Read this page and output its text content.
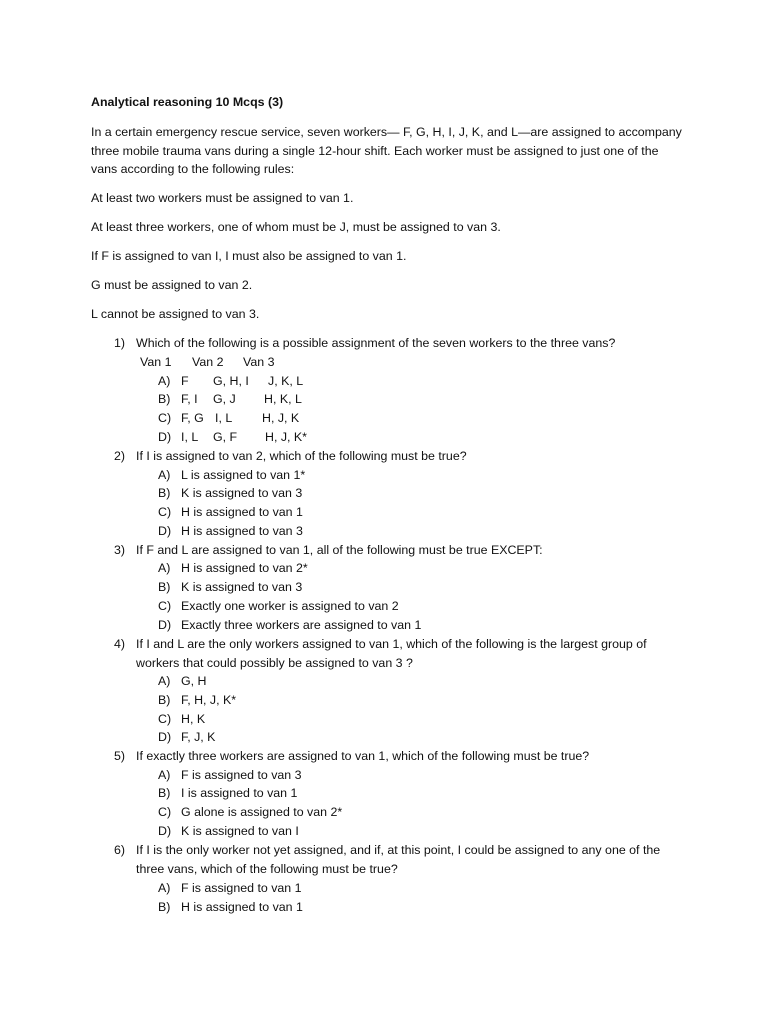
Analytical reasoning 10 Mcqs (3)
In a certain emergency rescue service, seven workers— F, G, H, I, J, K, and L—are assigned to accompany
three mobile trauma vans during a single 12-hour shift. Each worker must be assigned to just one of the
vans according to the following rules:
At least two workers must be assigned to van 1.
At least three workers, one of whom must be J, must be assigned to van 3.
If F is assigned to van I, I must also be assigned to van 1.
G must be assigned to van 2.
L cannot be assigned to van 3.
1) Which of the following is a possible assignment of the seven workers to the three vans?
Van 1 Van 2 Van 3
A) F G, H, I J, K, L
B) F, I G, J H, K, L
C) F, G I, L H, J, K
D) I, L G, F H, J, K*
2) If I is assigned to van 2, which of the following must be true?
A) L is assigned to van 1*
B) K is assigned to van 3
C) H is assigned to van 1
D) H is assigned to van 3
3) If F and L are assigned to van 1, all of the following must be true EXCEPT:
A) H is assigned to van 2*
B) K is assigned to van 3
C) Exactly one worker is assigned to van 2
D) Exactly three workers are assigned to van 1
4) If I and L are the only workers assigned to van 1, which of the following is the largest group of
workers that could possibly be assigned to van 3 ?
A) G, H
B) F, H, J, K*
C) H, K
D) F, J, K
5) If exactly three workers are assigned to van 1, which of the following must be true?
A) F is assigned to van 3
B) I is assigned to van 1
C) G alone is assigned to van 2*
D) K is assigned to van I
6) If I is the only worker not yet assigned, and if, at this point, I could be assigned to any one of the
three vans, which of the following must be true?
A) F is assigned to van 1
B) H is assigned to van 1
